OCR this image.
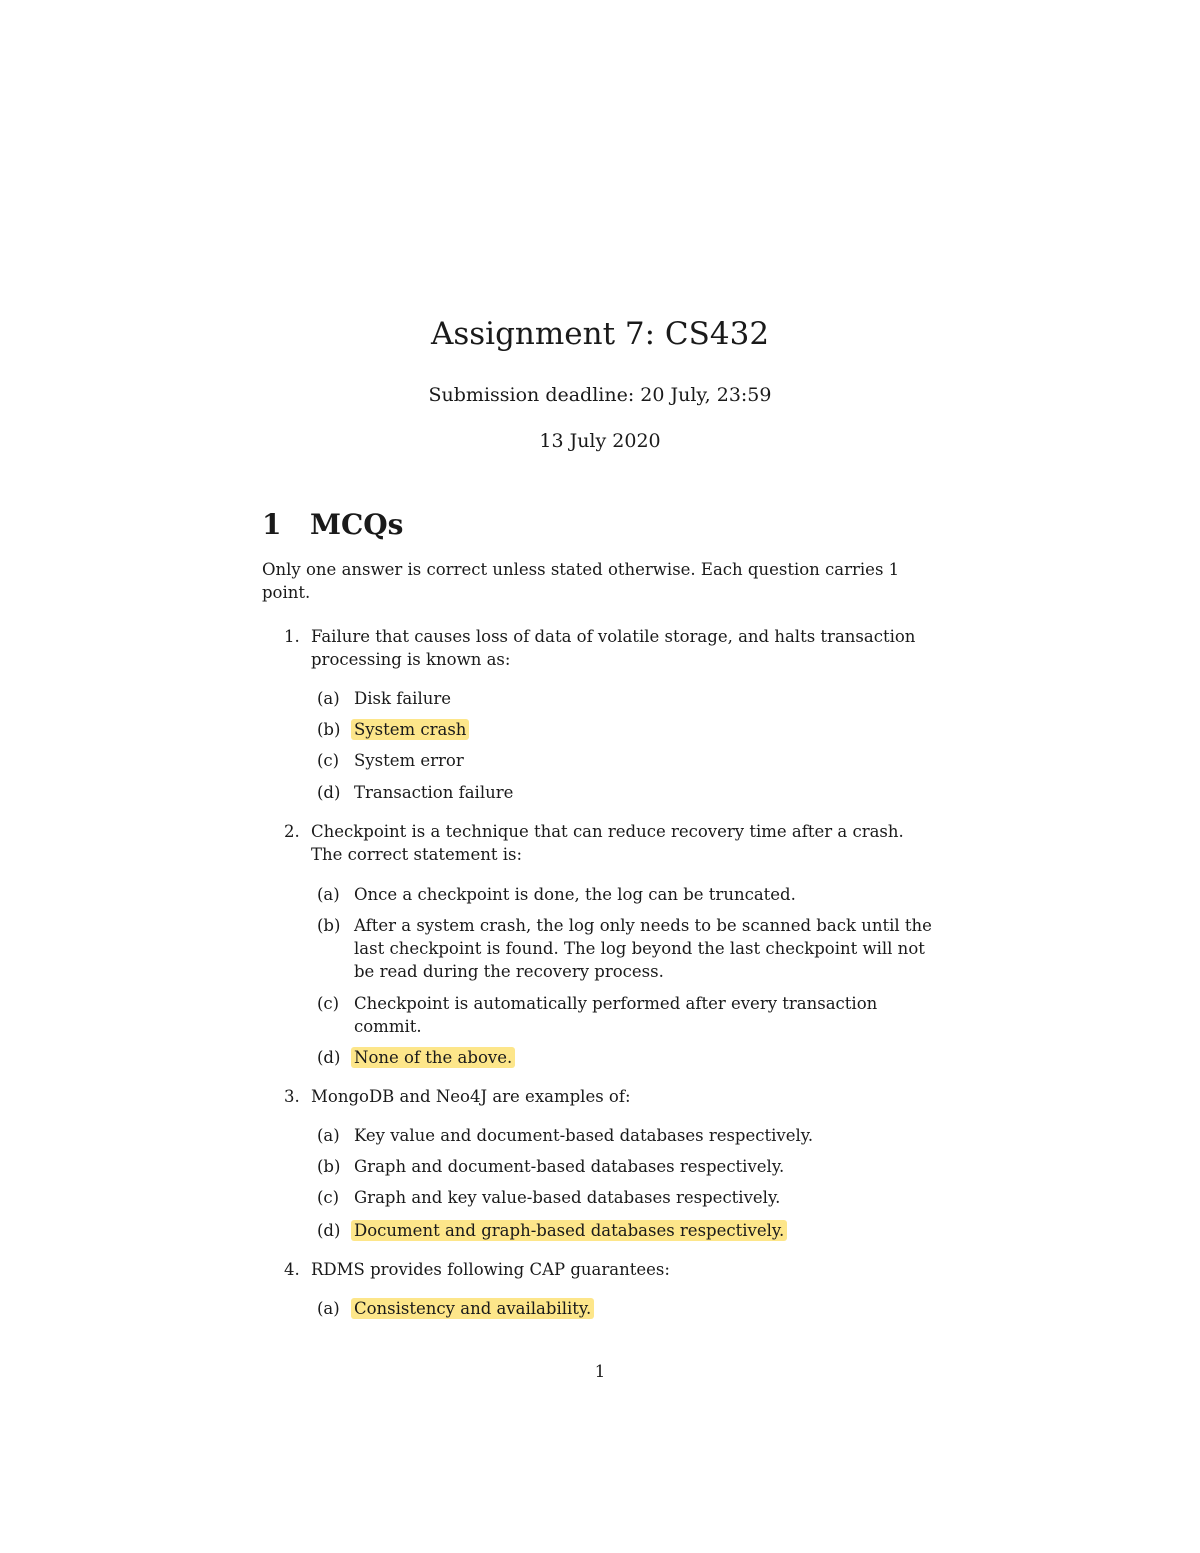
Assignment 7: CS432
Submission deadline: 20 July, 23:59
13 July 2020
1 MCQs
Only one answer is correct unless stated otherwise. Each question carries 1 point.
1. Failure that causes loss of data of volatile storage, and halts transaction processing is known as:
(a) Disk failure
(b) System crash
(c) System error
(d) Transaction failure
2. Checkpoint is a technique that can reduce recovery time after a crash. The correct statement is:
(a) Once a checkpoint is done, the log can be truncated.
(b) After a system crash, the log only needs to be scanned back until the last checkpoint is found. The log beyond the last checkpoint will not be read during the recovery process.
(c) Checkpoint is automatically performed after every transaction commit.
(d) None of the above.
3. MongoDB and Neo4J are examples of:
(a) Key value and document-based databases respectively.
(b) Graph and document-based databases respectively.
(c) Graph and key value-based databases respectively.
(d) Document and graph-based databases respectively.
4. RDMS provides following CAP guarantees:
(a) Consistency and availability.
1
